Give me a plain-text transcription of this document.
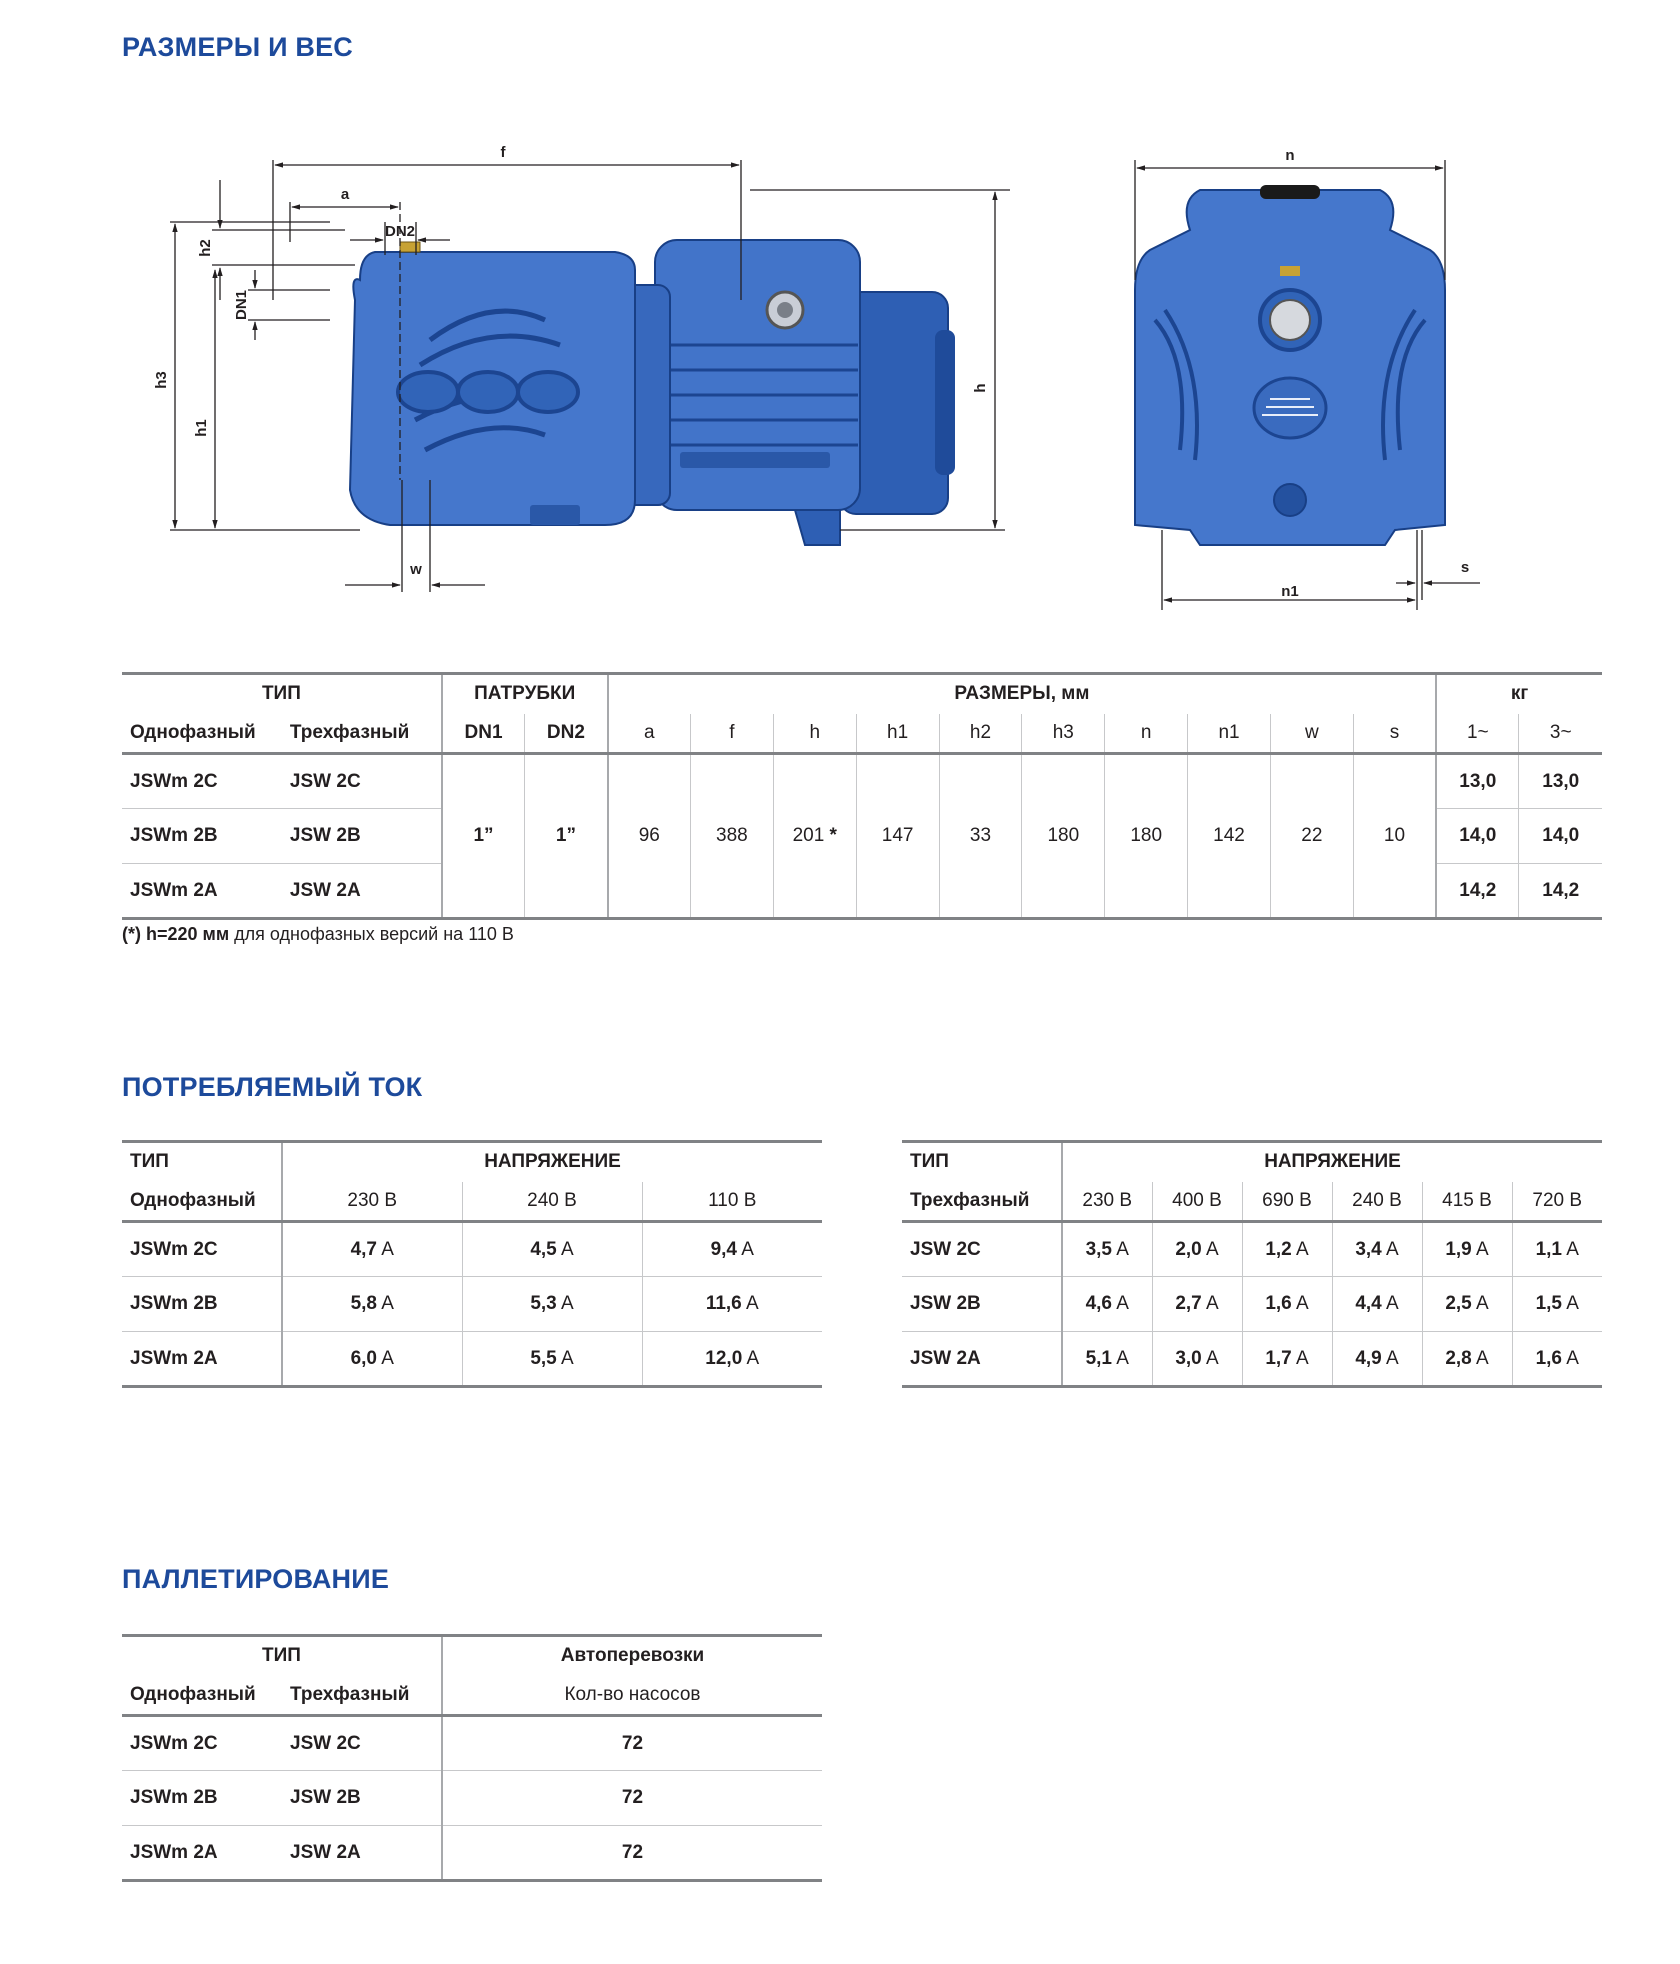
РАЗМЕРЫ И ВЕС
ПОТРЕБЛЯЕМЫЙ ТОК
ПАЛЛЕТИРОВАНИЕ
f
a
DN2
h2
DN1
h3
h1
h
w
n
n1
s
ТИП		ПАТРУБКИ		РАЗМЕРЫ, мм										кг	
Однофазный	Трехфазный	DN1	DN2	a	f	h	h1	h2	h3	n	n1	w	s	1~	3~
JSWm 2C	JSW 2C	1”	1”	96	388	201 *	147	33	180	180	142	22	10	13,0	13,0
JSWm 2B	JSW 2B													14,0	14,0
JSWm 2A	JSW 2A													14,2	14,2
(*) h=220 мм для однофазных версий на 110 В
ТИП	НАПРЯЖЕНИЕ		
Однофазный	230 В	240 В	110 В
JSWm 2C	4,7 A	4,5 A	9,4 A
JSWm 2B	5,8 A	5,3 A	11,6 A
JSWm 2A	6,0 A	5,5 A	12,0 A
ТИП	НАПРЯЖЕНИЕ					
Трехфазный	230 В	400 В	690 В	240 В	415 В	720 В
JSW 2C	3,5 A	2,0 A	1,2 A	3,4 A	1,9 A	1,1 A
JSW 2B	4,6 A	2,7 A	1,6 A	4,4 A	2,5 A	1,5 A
JSW 2A	5,1 A	3,0 A	1,7 A	4,9 A	2,8 A	1,6 A
ТИП		Автоперевозки
Однофазный	Трехфазный	Кол-во насосов
JSWm 2C	JSW 2C	72
JSWm 2B	JSW 2B	72
JSWm 2A	JSW 2A	72
